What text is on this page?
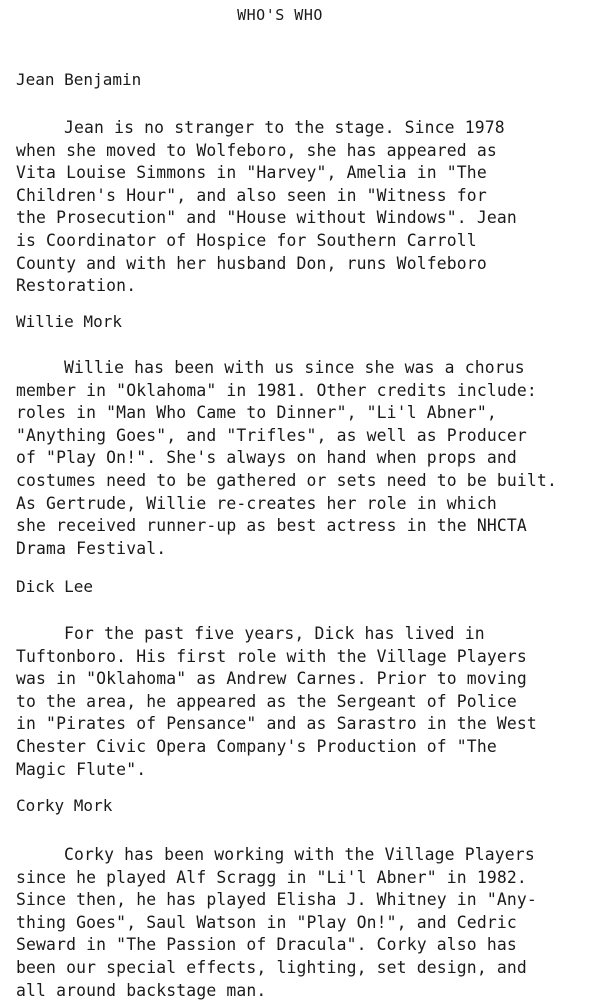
WHO'S WHO
Jean Benjamin
Jean is no stranger to the stage. Since 1978
when she moved to Wolfeboro, she has appeared as
Vita Louise Simmons in "Harvey", Amelia in "The
Children's Hour", and also seen in "Witness for
the Prosecution" and "House without Windows". Jean
is Coordinator of Hospice for Southern Carroll
County and with her husband Don, runs Wolfeboro
Restoration.
Willie Mork
Willie has been with us since she was a chorus
member in "Oklahoma" in 1981. Other credits include:
roles in "Man Who Came to Dinner", "Li'l Abner",
"Anything Goes", and "Trifles", as well as Producer
of "Play On!". She's always on hand when props and
costumes need to be gathered or sets need to be built.
As Gertrude, Willie re-creates her role in which
she received runner-up as best actress in the NHCTA
Drama Festival.
Dick Lee
For the past five years, Dick has lived in
Tuftonboro. His first role with the Village Players
was in "Oklahoma" as Andrew Carnes. Prior to moving
to the area, he appeared as the Sergeant of Police
in "Pirates of Pensance" and as Sarastro in the West
Chester Civic Opera Company's Production of "The
Magic Flute".
Corky Mork
Corky has been working with the Village Players
since he played Alf Scragg in "Li'l Abner" in 1982.
Since then, he has played Elisha J. Whitney in "Any-
thing Goes", Saul Watson in "Play On!", and Cedric
Seward in "The Passion of Dracula". Corky also has
been our special effects, lighting, set design, and
all around backstage man.
